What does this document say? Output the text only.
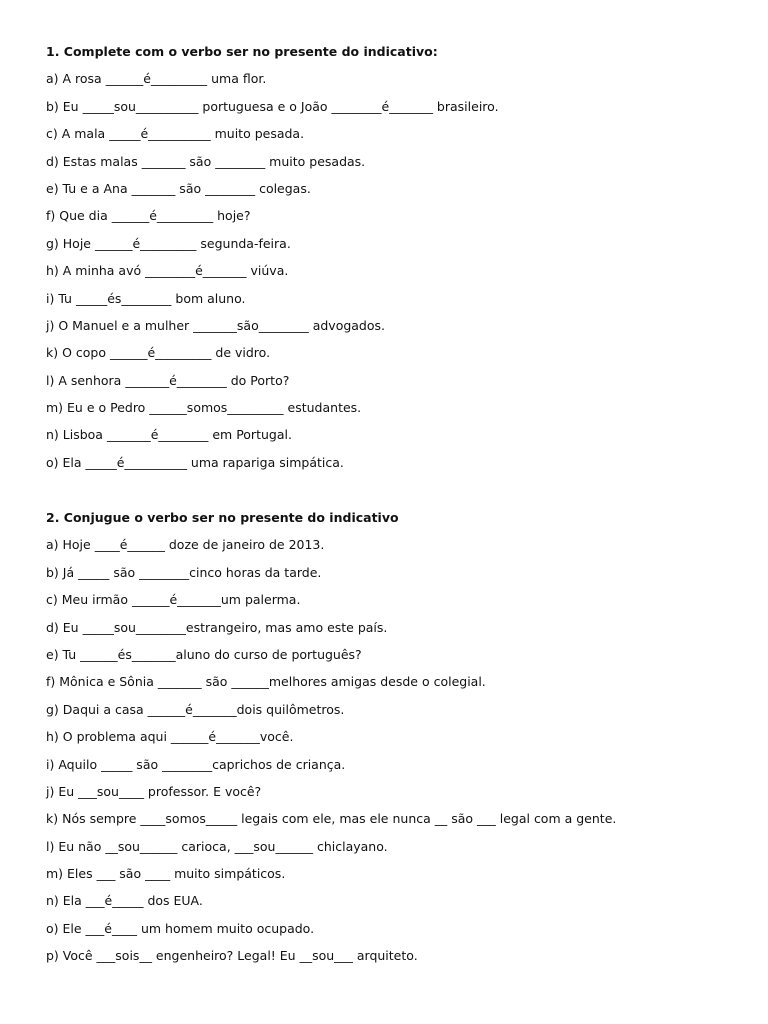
1. Complete com o verbo ser no presente do indicativo:
a) A rosa ______é_________ uma flor.
b) Eu _____sou__________ portuguesa e o João ________é_______ brasileiro.
c) A mala _____é__________ muito pesada.
d) Estas malas _______ são ________ muito pesadas.
e) Tu e a Ana _______ são ________ colegas.
f) Que dia ______é_________ hoje?
g) Hoje ______é_________ segunda-feira.
h) A minha avó ________é_______ viúva.
i) Tu _____és________ bom aluno.
j) O Manuel e a mulher _______são________ advogados.
k) O copo ______é_________ de vidro.
l) A senhora _______é________ do Porto?
m) Eu e o Pedro ______somos_________ estudantes.
n) Lisboa _______é________ em Portugal.
o) Ela _____é__________ uma rapariga simpática.
2. Conjugue o verbo ser no presente do indicativo
a) Hoje ____é______ doze de janeiro de 2013.
b) Já _____ são ________cinco horas da tarde.
c) Meu irmão ______é_______um palerma.
d) Eu _____sou________estrangeiro, mas amo este país.
e) Tu ______és_______aluno do curso de português?
f) Mônica e Sônia _______ são ______melhores amigas desde o colegial.
g) Daqui a casa ______é_______dois quilômetros.
h) O problema aqui ______é_______você.
i) Aquilo _____ são ________caprichos de criança.
j) Eu ___sou____ professor. E você?
k) Nós sempre ____somos_____ legais com ele, mas ele nunca __ são ___ legal com a gente.
l) Eu não __sou______ carioca, ___sou______ chiclayano.
m) Eles ___ são ____ muito simpáticos.
n) Ela ___é_____ dos EUA.
o) Ele ___é____ um homem muito ocupado.
p) Você ___sois__ engenheiro? Legal! Eu __sou___ arquiteto.
